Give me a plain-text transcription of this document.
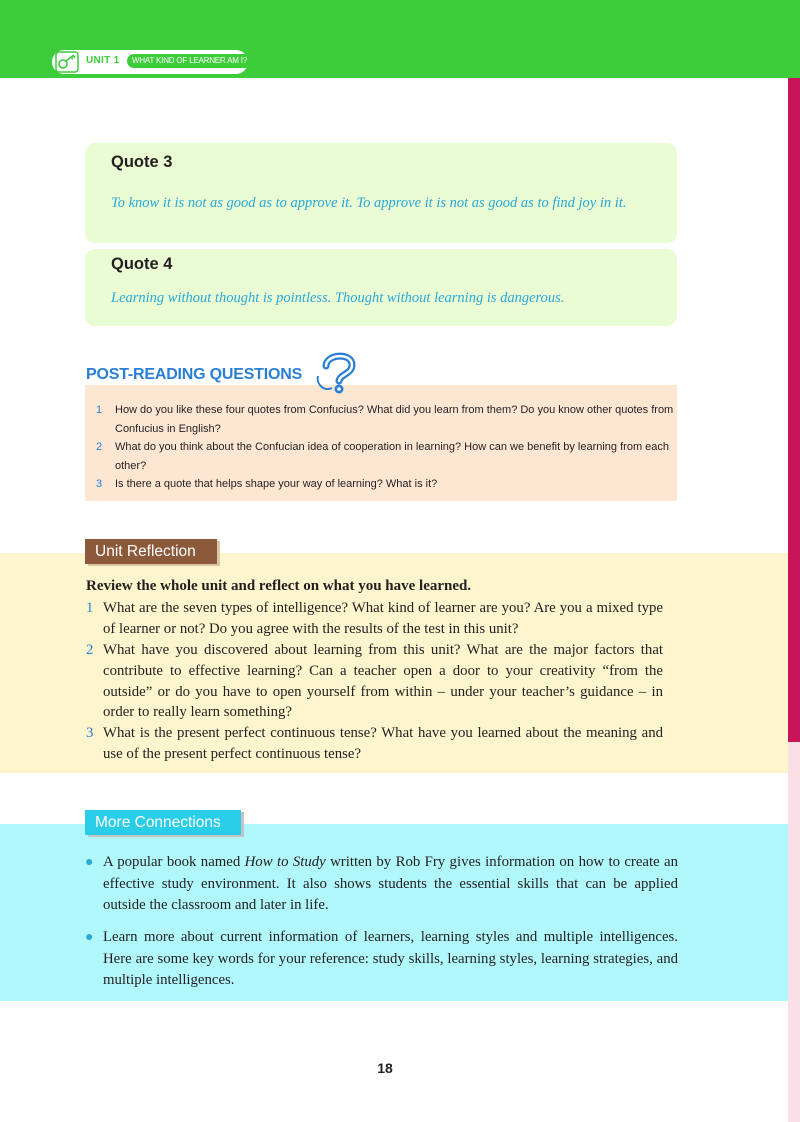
UNIT 1	WHAT KIND OF LEARNER AM I?
Quote 3
To know it is not as good as to approve it. To approve it is not as good as to find joy in it.
Quote 4
Learning without thought is pointless. Thought without learning is dangerous.
1 How do you like these four quotes from Confucius? What did you learn from them? Do you know other quotes from Confucius in English?
2 What do you think about the Confucian idea of cooperation in learning? How can we benefit by learning from each other?
3 Is there a quote that helps shape your way of learning? What is it?
POST-READING QUESTIONS
Unit Reflection
Review the whole unit and reflect on what you have learned.
1 What are the seven types of intelligence? What kind of learner are you? Are you a mixed type of learner or not? Do you agree with the results of the test in this unit?
2 What have you discovered about learning from this unit? What are the major factors that contribute to effective learning? Can a teacher open a door to your creativity “from the outside” or do you have to open yourself from within – under your teacher’s guidance – in order to really learn something?
3 What is the present perfect continuous tense? What have you learned about the meaning and use of the present perfect continuous tense?
More Connections
● A popular book named How to Study written by Rob Fry gives information on how to create an effective study environment. It also shows students the essential skills that can be applied outside the classroom and later in life.
● Learn more about current information of learners, learning styles and multiple intelligences. Here are some key words for your reference: study skills, learning styles, learning strategies, and multiple intelligences.
18
